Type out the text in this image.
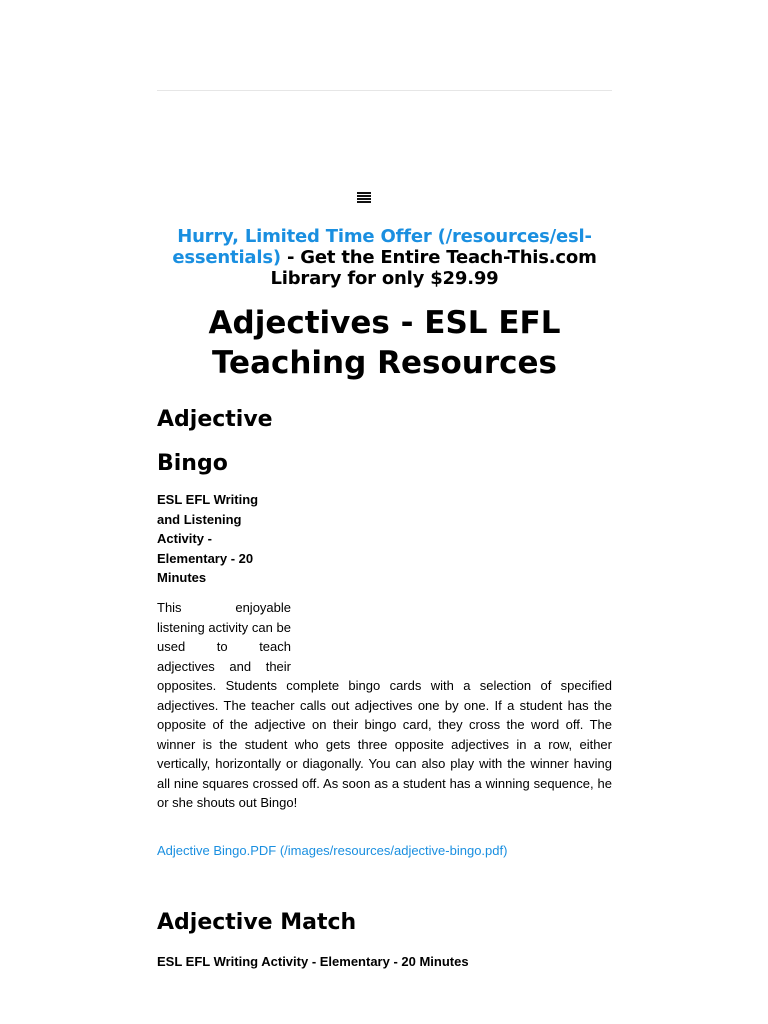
Hurry, Limited Time Offer (/resources/esl-essentials) - Get the Entire Teach-This.com Library for only $29.99
Adjectives - ESL EFL Teaching Resources
Adjective Bingo

ESL EFL Writing and Listening Activity - Elementary - 20 Minutes

This enjoyable listening activity can be used to teach adjectives and their opposites. Students complete bingo cards with a selection of specified adjectives. The teacher calls out adjectives one by one. If a student has the opposite of the adjective on their bingo card, they cross the word off. The winner is the student who gets three opposite adjectives in a row, either vertically, horizontally or diagonally. You can also play with the winner having all nine squares crossed off. As soon as a student has a winning sequence, he or she shouts out Bingo!
Adjective Bingo.PDF (/images/resources/adjective-bingo.pdf)
Adjective Match

ESL EFL Writing Activity - Elementary - 20 Minutes
